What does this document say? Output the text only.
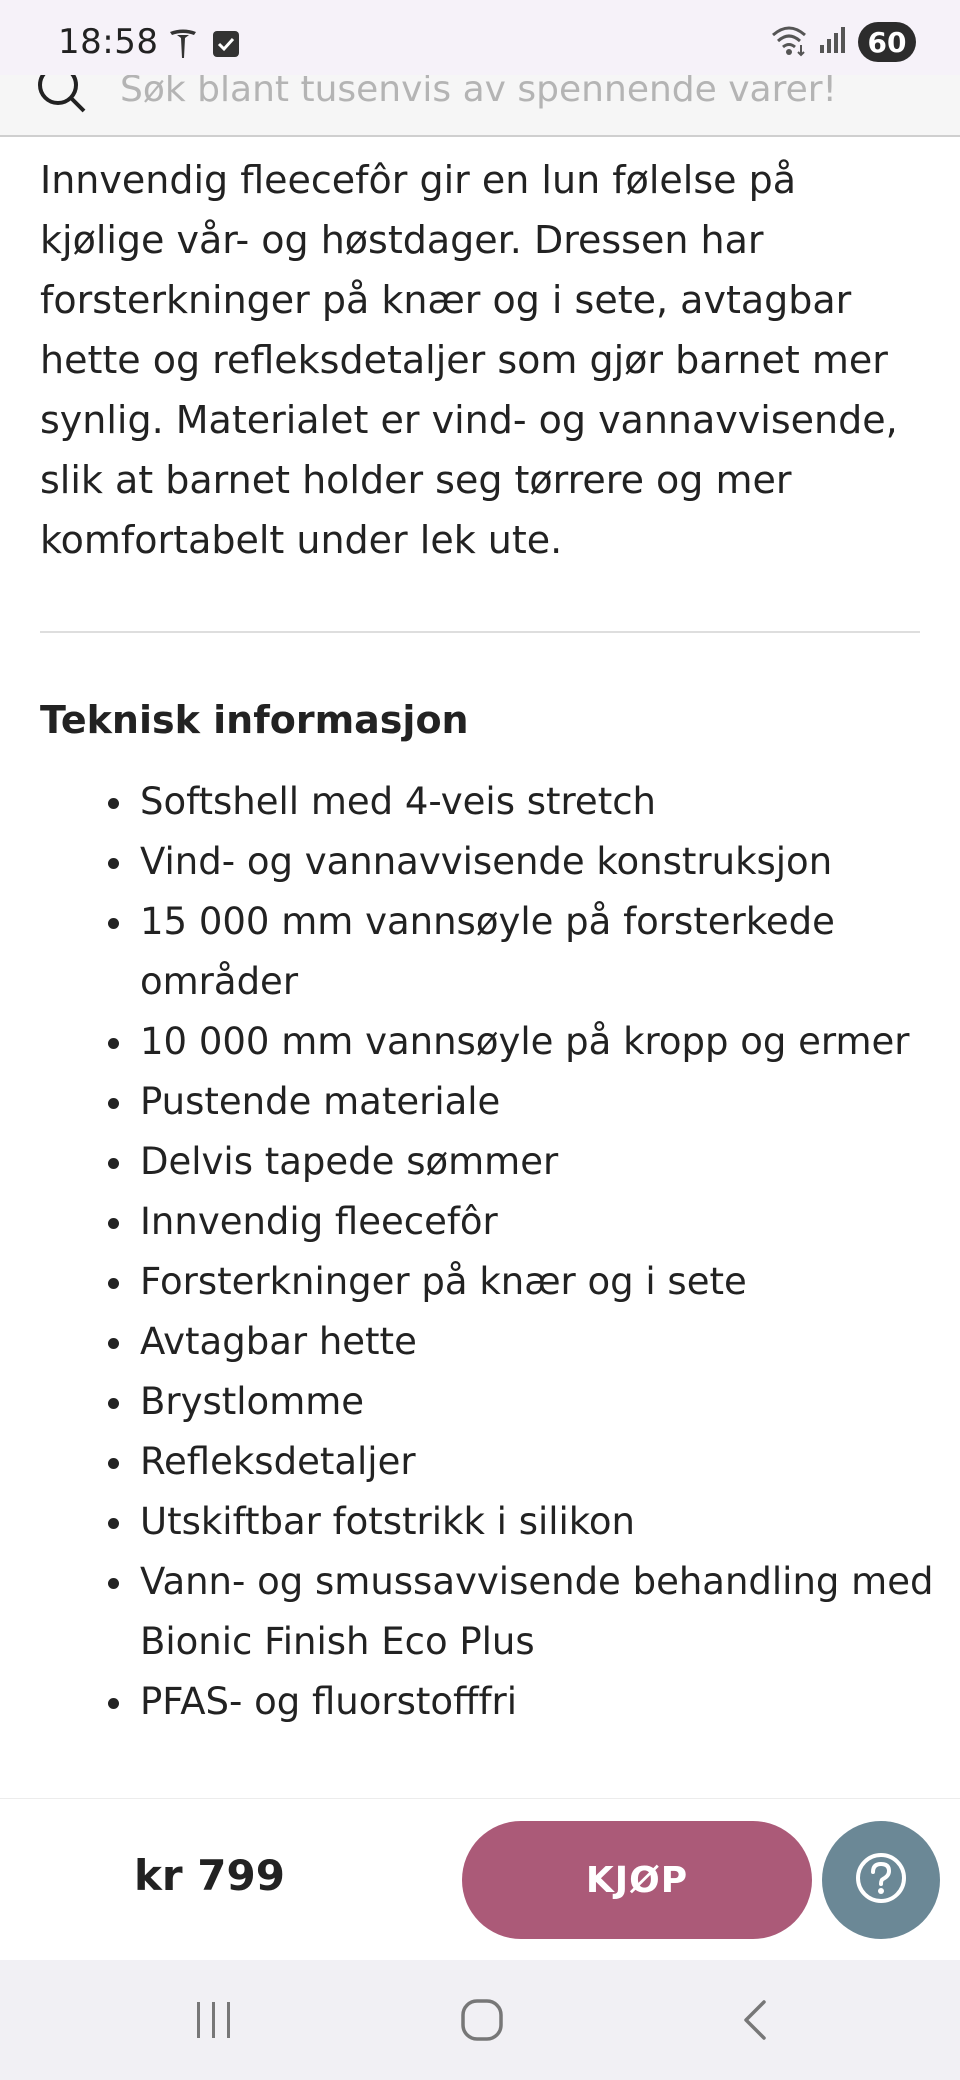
18:58	60
Søk blant tusenvis av spennende varer!

Innvendig fleecefôr gir en lun følelse på kjølige vår- og høstdager. Dressen har forsterkninger på knær og i sete, avtagbar hette og refleksdetaljer som gjør barnet mer synlig. Materialet er vind- og vannavvisende, slik at barnet holder seg tørrere og mer komfortabelt under lek ute.

Teknisk informasjon
Softshell med 4-veis stretch
Vind- og vannavvisende konstruksjon
15 000 mm vannsøyle på forsterkede områder
10 000 mm vannsøyle på kropp og ermer
Pustende materiale
Delvis tapede sømmer
Innvendig fleecefôr
Forsterkninger på knær og i sete
Avtagbar hette
Brystlomme
Refleksdetaljer
Utskiftbar fotstrikk i silikon
Vann- og smussavvisende behandling med Bionic Finish Eco Plus
PFAS- og fluorstofffri
kr 799	KJØP
